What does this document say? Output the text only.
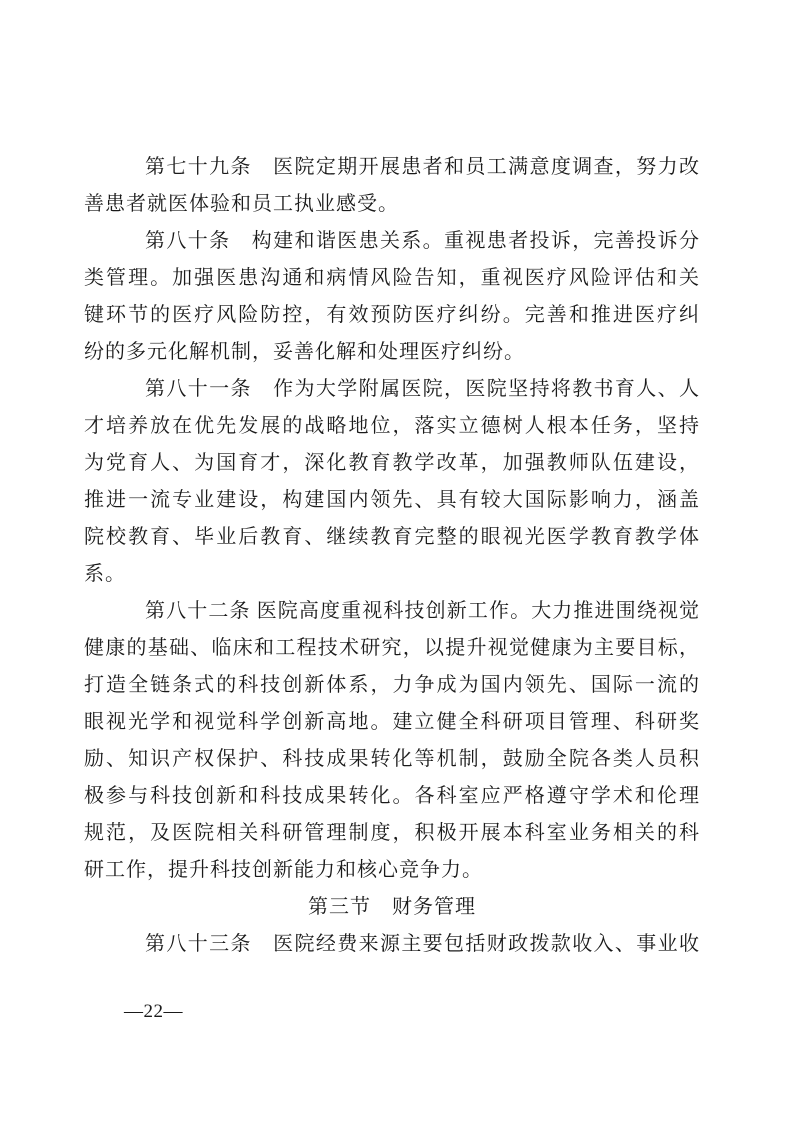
第七十九条　医院定期开展患者和员工满意度调查，努力改
善患者就医体验和员工执业感受。
第八十条　构建和谐医患关系。重视患者投诉，完善投诉分
类管理。加强医患沟通和病情风险告知，重视医疗风险评估和关
键环节的医疗风险防控，有效预防医疗纠纷。完善和推进医疗纠
纷的多元化解机制，妥善化解和处理医疗纠纷。
第八十一条　作为大学附属医院，医院坚持将教书育人、人
才培养放在优先发展的战略地位，落实立德树人根本任务，坚持
为党育人、为国育才，深化教育教学改革，加强教师队伍建设，
推进一流专业建设，构建国内领先、具有较大国际影响力，涵盖
院校教育、毕业后教育、继续教育完整的眼视光医学教育教学体
系。
第八十二条 医院高度重视科技创新工作。大力推进围绕视觉
健康的基础、临床和工程技术研究，以提升视觉健康为主要目标，
打造全链条式的科技创新体系，力争成为国内领先、国际一流的
眼视光学和视觉科学创新高地。建立健全科研项目管理、科研奖
励、知识产权保护、科技成果转化等机制，鼓励全院各类人员积
极参与科技创新和科技成果转化。各科室应严格遵守学术和伦理
规范，及医院相关科研管理制度，积极开展本科室业务相关的科
研工作，提升科技创新能力和核心竞争力。
第三节　财务管理
第八十三条　医院经费来源主要包括财政拨款收入、事业收
—22—
